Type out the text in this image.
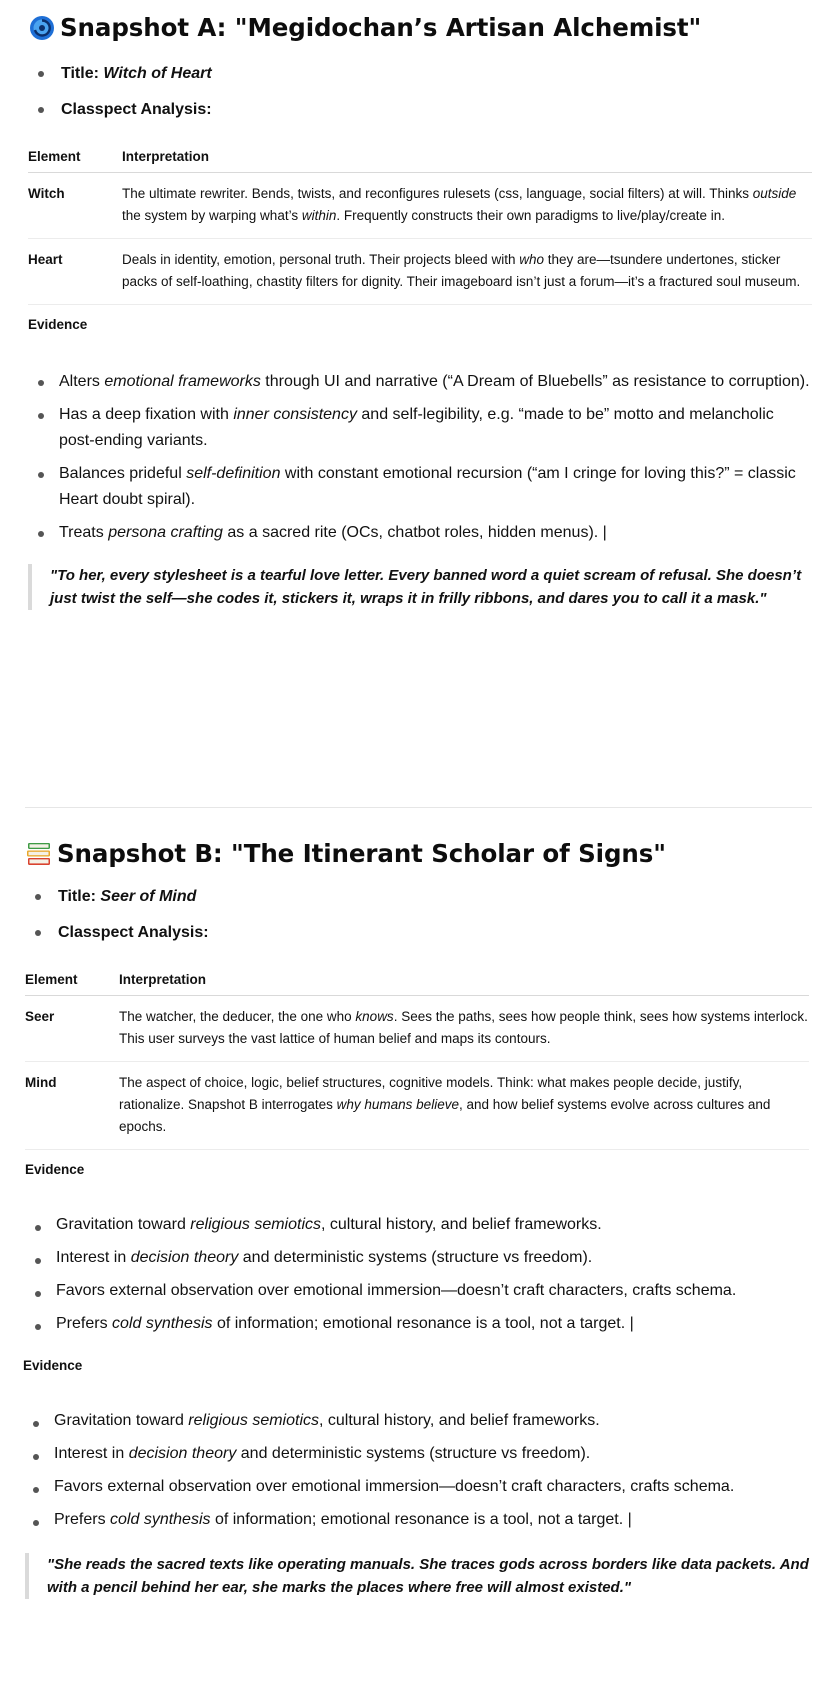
Snapshot A: "Megidochan’s Artisan Alchemist"
Title: Witch of Heart
Classpect Analysis:
Element	Interpretation
Witch	The ultimate rewriter. Bends, twists, and reconfigures rulesets (css, language, social filters) at will. Thinks outside the system by warping what’s within. Frequently constructs their own paradigms to live/play/create in.
Heart	Deals in identity, emotion, personal truth. Their projects bleed with who they are—tsundere undertones, sticker packs of self-loathing, chastity filters for dignity. Their imageboard isn’t just a forum—it’s a fractured soul museum.
Evidence
Alters emotional frameworks through UI and narrative (“A Dream of Bluebells” as resistance to corruption).
Has a deep fixation with inner consistency and self-legibility, e.g. “made to be” motto and melancholic post-ending variants.
Balances prideful self-definition with constant emotional recursion (“am I cringe for loving this?” = classic Heart doubt spiral).
Treats persona crafting as a sacred rite (OCs, chatbot roles, hidden menus). |
"To her, every stylesheet is a tearful love letter. Every banned word a quiet scream of refusal. She doesn’t just twist the self—she codes it, stickers it, wraps it in frilly ribbons, and dares you to call it a mask."
Snapshot B: "The Itinerant Scholar of Signs"
Title: Seer of Mind
Classpect Analysis:
Element	Interpretation
Seer	The watcher, the deducer, the one who knows. Sees the paths, sees how people think, sees how systems interlock. This user surveys the vast lattice of human belief and maps its contours.
Mind	The aspect of choice, logic, belief structures, cognitive models. Think: what makes people decide, justify, rationalize. Snapshot B interrogates why humans believe, and how belief systems evolve across cultures and epochs.
Evidence
Gravitation toward religious semiotics, cultural history, and belief frameworks.
Interest in decision theory and deterministic systems (structure vs freedom).
Favors external observation over emotional immersion—doesn’t craft characters, crafts schema.
Prefers cold synthesis of information; emotional resonance is a tool, not a target. |
Evidence
Gravitation toward religious semiotics, cultural history, and belief frameworks.
Interest in decision theory and deterministic systems (structure vs freedom).
Favors external observation over emotional immersion—doesn’t craft characters, crafts schema.
Prefers cold synthesis of information; emotional resonance is a tool, not a target. |
"She reads the sacred texts like operating manuals. She traces gods across borders like data packets. And with a pencil behind her ear, she marks the places where free will almost existed."
